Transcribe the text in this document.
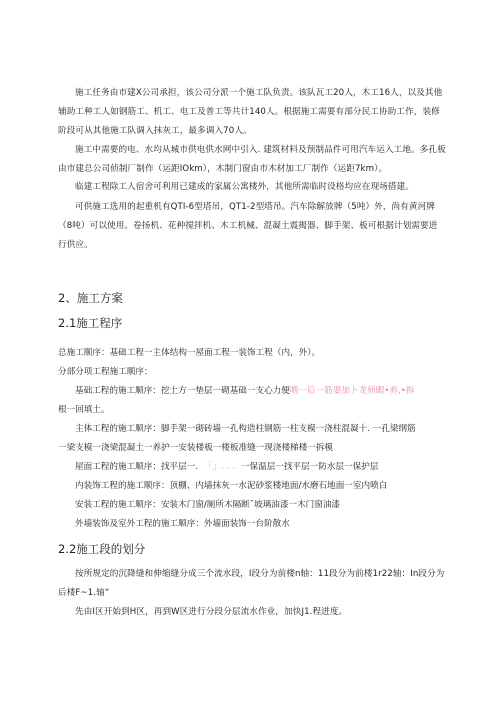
施工任务由市建X公司承担，该公司分派一个施工队负责。该队瓦工20人，木工16人，以及其他辅助工种工人如钢筋工、机工、电工及普工等共计140人。根据施工需要有部分民工协助工作，装修阶段可从其他施工队调入抹灰工，最多调入70人。

施工中需要的电、水均从城市供电供水网中引入. 建筑材料及预制品件可用汽车运入工地。多孔板由市建总公司侦制厂制作（运距IOkm），木制门窗由市木材加工厂制作（运距7km）。

临建工程除工人宿舍可利用已建成的家属公寓楼外，其他所需临时设格均应在现场搭建。

可供施工选用的起重机有QTI-6型塔吊，QT1-2型塔吊。汽车除解放牌（5吨）外，尚有黄河牌（8吨）可以使用。卷扬机、花种搅拌机、木工机械、混凝土震揭器、脚手架、板可根据计划需要进行供应。

2、施工方案
2.1施工程序

总施工顺序：基础工程一主体结构一屋面工程一装饰工程（内，外）。

分部分项工程施工顺序：

基础工程的施工顺序：挖土方一垫层一砌基础一支心力便喂一后一筋要加卜龙侦暇•养,•拆

根一回填土。

主体工程的施工顺序：脚手架一砌砖墙一孔构造柱钢筋一柱支模一浇柱混凝十. 一孔梁纲筋

一梁支模一浇梁混凝土一养护一安装楼板一楼板准缝一现浇楼梯楼一拆模

屋面工程的施工顺序：找平层一. 「」. . . 一保温层一找平层一防水层一保护层

内装饰工程的施工顺序：顶棚、内墙抹灰一水泥砂浆楼地面/水磨石地面一室内喷白

安装工程的施工顺序：安装木门窗/厕所木隔断ˉ坡璃油漆一木门窗油漆

外墙装饰及室外工程的施工顺序：外墙面装饰一台阶散水

2.2施工段的划分

按所规定的沉降缝和伸缩缝分成三个流水段，I段分为前楼n轴：11段分为前楼1r22轴：In段分为后楼F~1.轴“

先由I区开始到H区，再到W区进行分段分层流水作业，加快J1.程进度。
